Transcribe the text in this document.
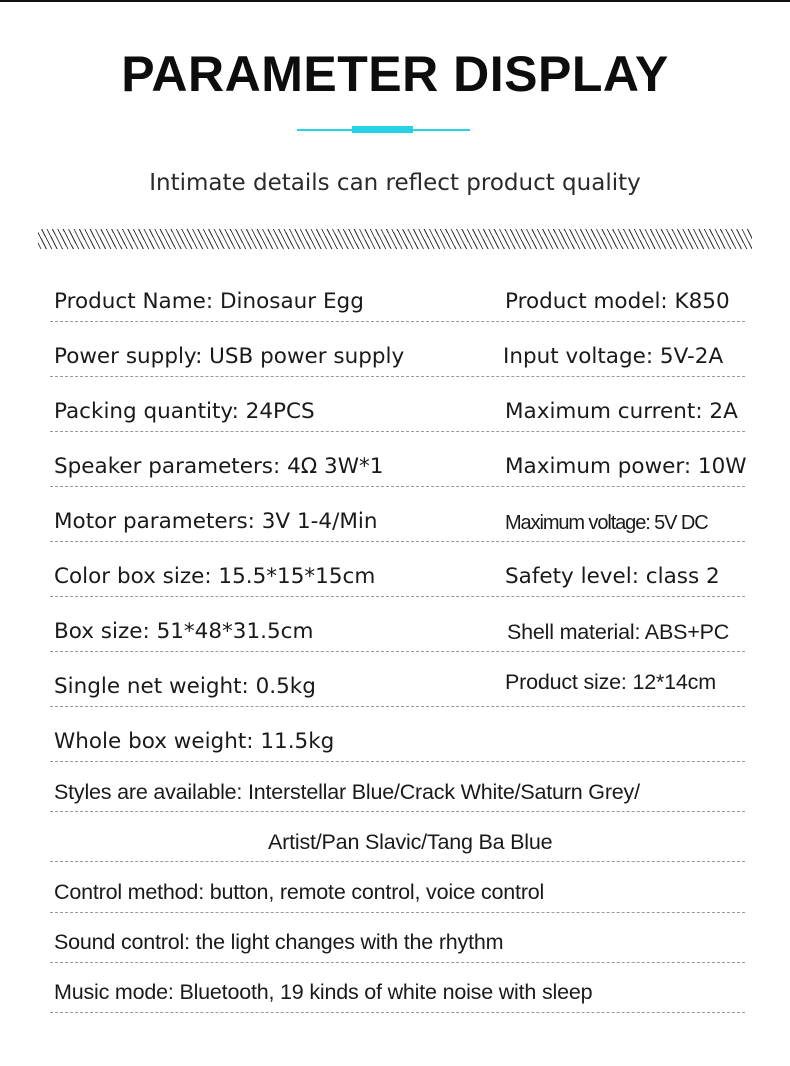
PARAMETER DISPLAY
Intimate details can reflect product quality
Product Name: Dinosaur Egg	Product model: K850
Power supply: USB power supply	Input voltage: 5V-2A
Packing quantity: 24PCS	Maximum current: 2A
Speaker parameters: 4Ω 3W*1	Maximum power: 10W
Motor parameters: 3V 1-4/Min	Maximum voltage: 5V DC
Color box size: 15.5*15*15cm	Safety level: class 2
Box size: 51*48*31.5cm	Shell material: ABS+PC
Single net weight: 0.5kg	Product size: 12*14cm
Whole box weight: 11.5kg
Styles are available: Interstellar Blue/Crack White/Saturn Grey/
Artist/Pan Slavic/Tang Ba Blue
Control method: button, remote control, voice control
Sound control: the light changes with the rhythm
Music mode: Bluetooth, 19 kinds of white noise with sleep
